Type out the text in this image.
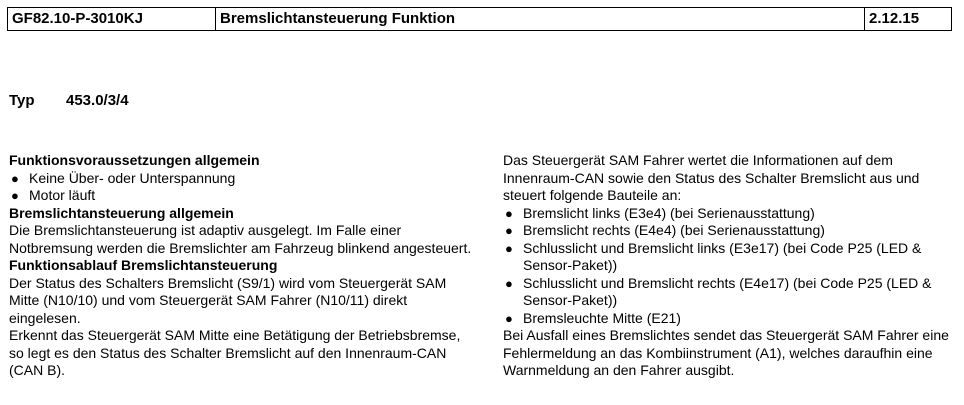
GF82.10-P-3010KJ	Bremslichtansteuerung Funktion	2.12.15
Typ 453.0/3/4
Funktionsvoraussetzungen allgemein
● Keine Über- oder Unterspannung
● Motor läuft
Bremslichtansteuerung allgemein

Die Bremslichtansteuerung ist adaptiv ausgelegt. Im Falle einer Notbremsung werden die Bremslichter am Fahrzeug blinkend angesteuert.

Funktionsablauf Bremslichtansteuerung

Der Status des Schalters Bremslicht (S9/1) wird vom Steuergerät SAM Mitte (N10/10) und vom Steuergerät SAM Fahrer (N10/11) direkt eingelesen.

Erkennt das Steuergerät SAM Mitte eine Betätigung der Betriebsbremse, so legt es den Status des Schalter Bremslicht auf den Innenraum-CAN (CAN B).

Das Steuergerät SAM Fahrer wertet die Informationen auf dem Innenraum-CAN sowie den Status des Schalter Bremslicht aus und steuert folgende Bauteile an:

● Bremslicht links (E3e4) (bei Serienausstattung)
● Bremslicht rechts (E4e4) (bei Serienausstattung)
● Schlusslicht und Bremslicht links (E3e17) (bei Code P25 (LED & Sensor-Paket))
● Schlusslicht und Bremslicht rechts (E4e17) (bei Code P25 (LED & Sensor-Paket))
● Bremsleuchte Mitte (E21)

Bei Ausfall eines Bremslichtes sendet das Steuergerät SAM Fahrer eine Fehlermeldung an das Kombiinstrument (A1), welches daraufhin eine Warnmeldung an den Fahrer ausgibt.
